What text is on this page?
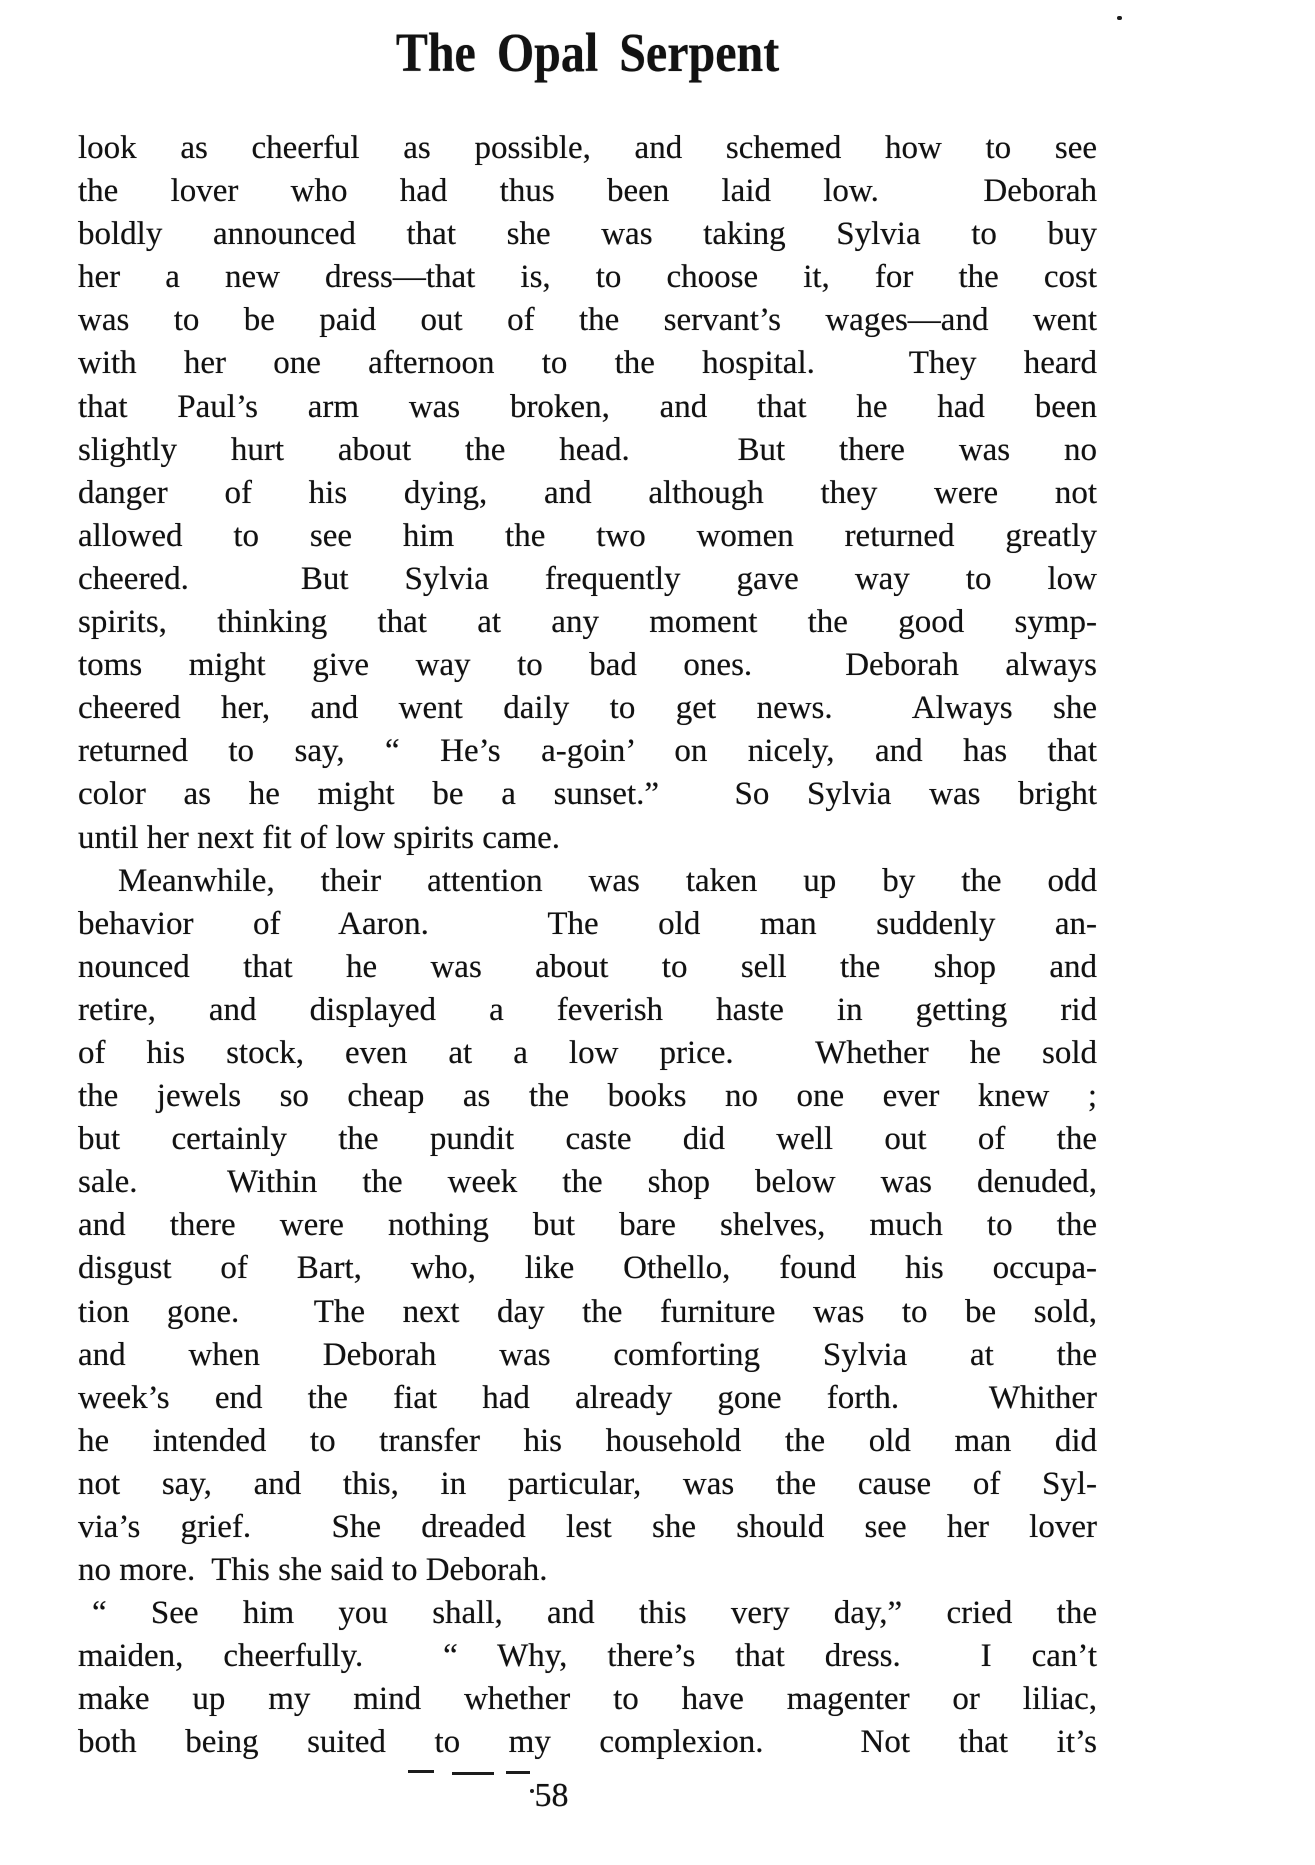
The Opal Serpent
look as cheerful as possible, and schemed how to see
the lover who had thus been laid low.  Deborah
boldly announced that she was taking Sylvia to buy
her a new dress—that is, to choose it, for the cost
was to be paid out of the servant’s wages—and went
with her one afternoon to the hospital.  They heard
that Paul’s arm was broken, and that he had been
slightly hurt about the head.  But there was no
danger of his dying, and although they were not
allowed to see him the two women returned greatly
cheered.  But Sylvia frequently gave way to low
spirits, thinking that at any moment the good symp-
toms might give way to bad ones.  Deborah always
cheered her, and went daily to get news.  Always she
returned to say, “ He’s a-goin’ on nicely, and has that
color as he might be a sunset.”  So Sylvia was bright
until her next fit of low spirits came.
Meanwhile, their attention was taken up by the odd
behavior of Aaron.  The old man suddenly an-
nounced that he was about to sell the shop and
retire, and displayed a feverish haste in getting rid
of his stock, even at a low price.  Whether he sold
the jewels so cheap as the books no one ever knew ;
but certainly the pundit caste did well out of the
sale.  Within the week the shop below was denuded,
and there were nothing but bare shelves, much to the
disgust of Bart, who, like Othello, found his occupa-
tion gone.  The next day the furniture was to be sold,
and when Deborah was comforting Sylvia at the
week’s end the fiat had already gone forth.  Whither
he intended to transfer his household the old man did
not say, and this, in particular, was the cause of Syl-
via’s grief.  She dreaded lest she should see her lover
no more.  This she said to Deborah.
“ See him you shall, and this very day,” cried the
maiden, cheerfully.  “ Why, there’s that dress.  I can’t
make up my mind whether to have magenter or liliac,
both being suited to my complexion.  Not that it’s
58
